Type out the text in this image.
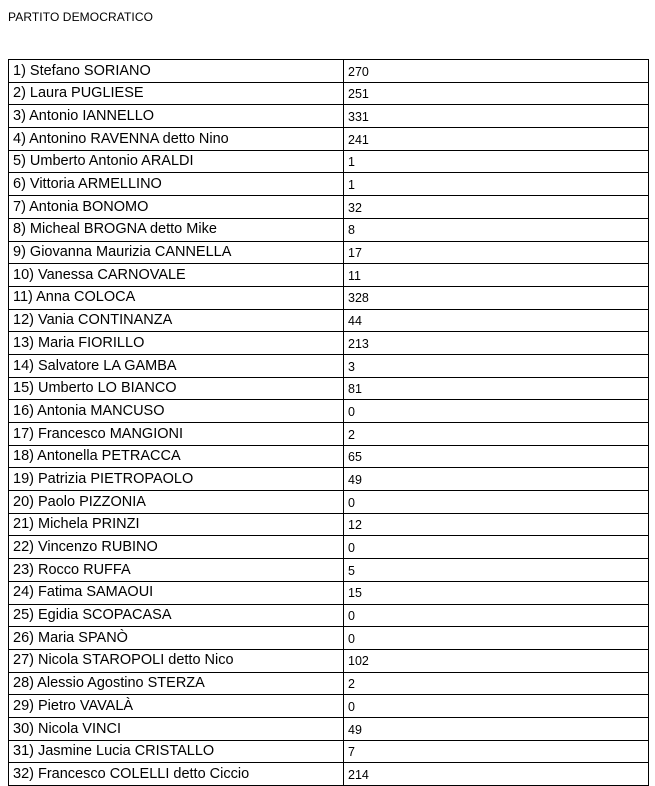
PARTITO DEMOCRATICO
1) Stefano SORIANO	270
2) Laura PUGLIESE	251
3) Antonio IANNELLO	331
4) Antonino RAVENNA detto Nino	241
5) Umberto Antonio ARALDI	1
6) Vittoria ARMELLINO	1
7) Antonia BONOMO	32
8) Micheal BROGNA detto Mike	8
9) Giovanna Maurizia CANNELLA	17
10) Vanessa CARNOVALE	11
11) Anna COLOCA	328
12) Vania CONTINANZA	44
13) Maria FIORILLO	213
14) Salvatore LA GAMBA	3
15) Umberto LO BIANCO	81
16) Antonia MANCUSO	0
17) Francesco MANGIONI	2
18) Antonella PETRACCA	65
19) Patrizia PIETROPAOLO	49
20) Paolo PIZZONIA	0
21) Michela PRINZI	12
22) Vincenzo RUBINO	0
23) Rocco RUFFA	5
24) Fatima SAMAOUI	15
25) Egidia SCOPACASA	0
26) Maria SPANÒ	0
27) Nicola STAROPOLI detto Nico	102
28) Alessio Agostino STERZA	2
29) Pietro VAVALÀ	0
30) Nicola VINCI	49
31) Jasmine Lucia CRISTALLO	7
32) Francesco COLELLI detto Ciccio	214
